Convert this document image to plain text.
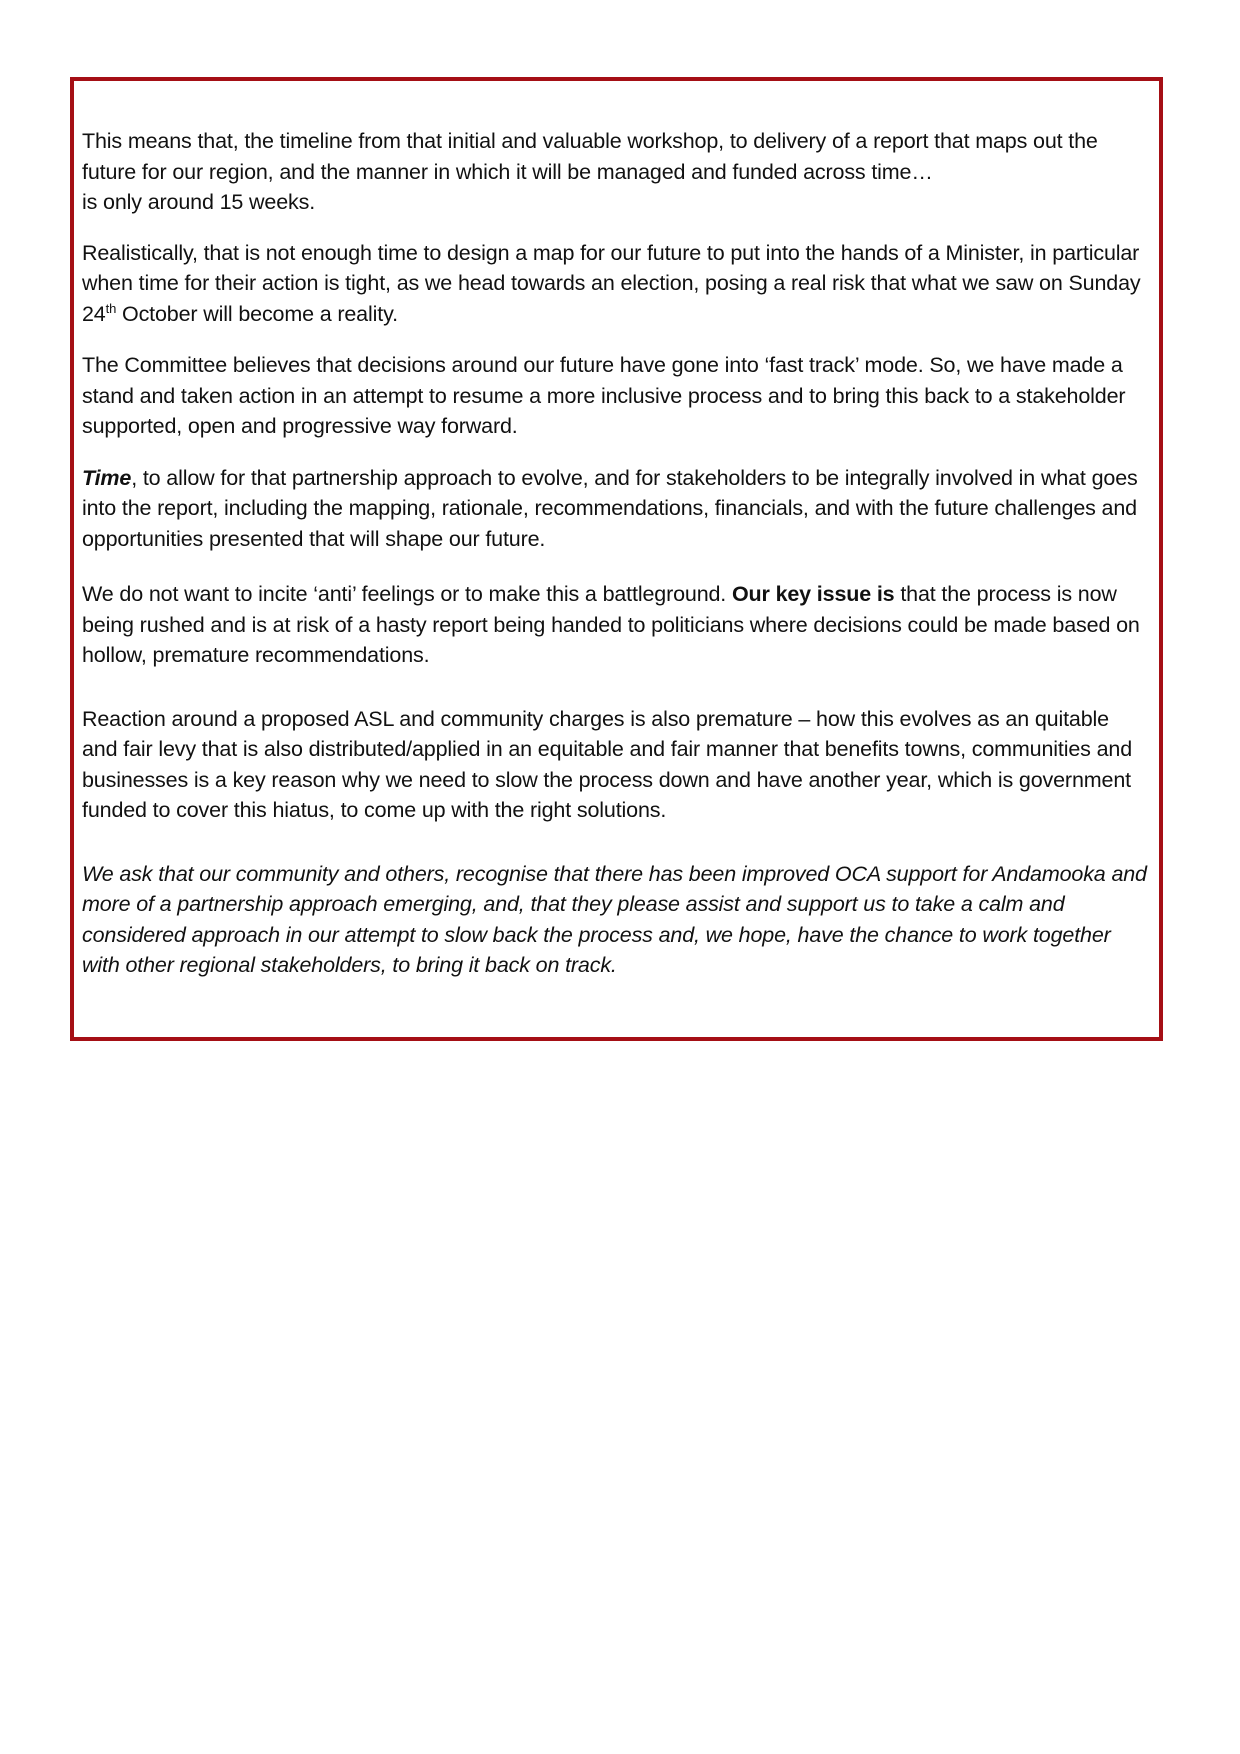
This means that, the timeline from that initial and valuable workshop, to delivery of a report that maps out the future for our region, and the manner in which it will be managed and funded across time…
is only around 15 weeks.

Realistically, that is not enough time to design a map for our future to put into the hands of a Minister, in particular when time for their action is tight, as we head towards an election, posing a real risk that what we saw on Sunday 24th October will become a reality.

The Committee believes that decisions around our future have gone into ‘fast track’ mode. So, we have made a stand and taken action in an attempt to resume a more inclusive process and to bring this back to a stakeholder supported, open and progressive way forward.

Time, to allow for that partnership approach to evolve, and for stakeholders to be integrally involved in what goes into the report, including the mapping, rationale, recommendations, financials, and with the future challenges and opportunities presented that will shape our future.

We do not want to incite ‘anti’ feelings or to make this a battleground. Our key issue is that the process is now being rushed and is at risk of a hasty report being handed to politicians where decisions could be made based on hollow, premature recommendations.

Reaction around a proposed ASL and community charges is also premature – how this evolves as an quitable and fair levy that is also distributed/applied in an equitable and fair manner that benefits towns, communities and businesses is a key reason why we need to slow the process down and have another year, which is government funded to cover this hiatus, to come up with the right solutions.

We ask that our community and others, recognise that there has been improved OCA support for Andamooka and more of a partnership approach emerging, and, that they please assist and support us to take a calm and considered approach in our attempt to slow back the process and, we hope, have the chance to work together with other regional stakeholders, to bring it back on track.
